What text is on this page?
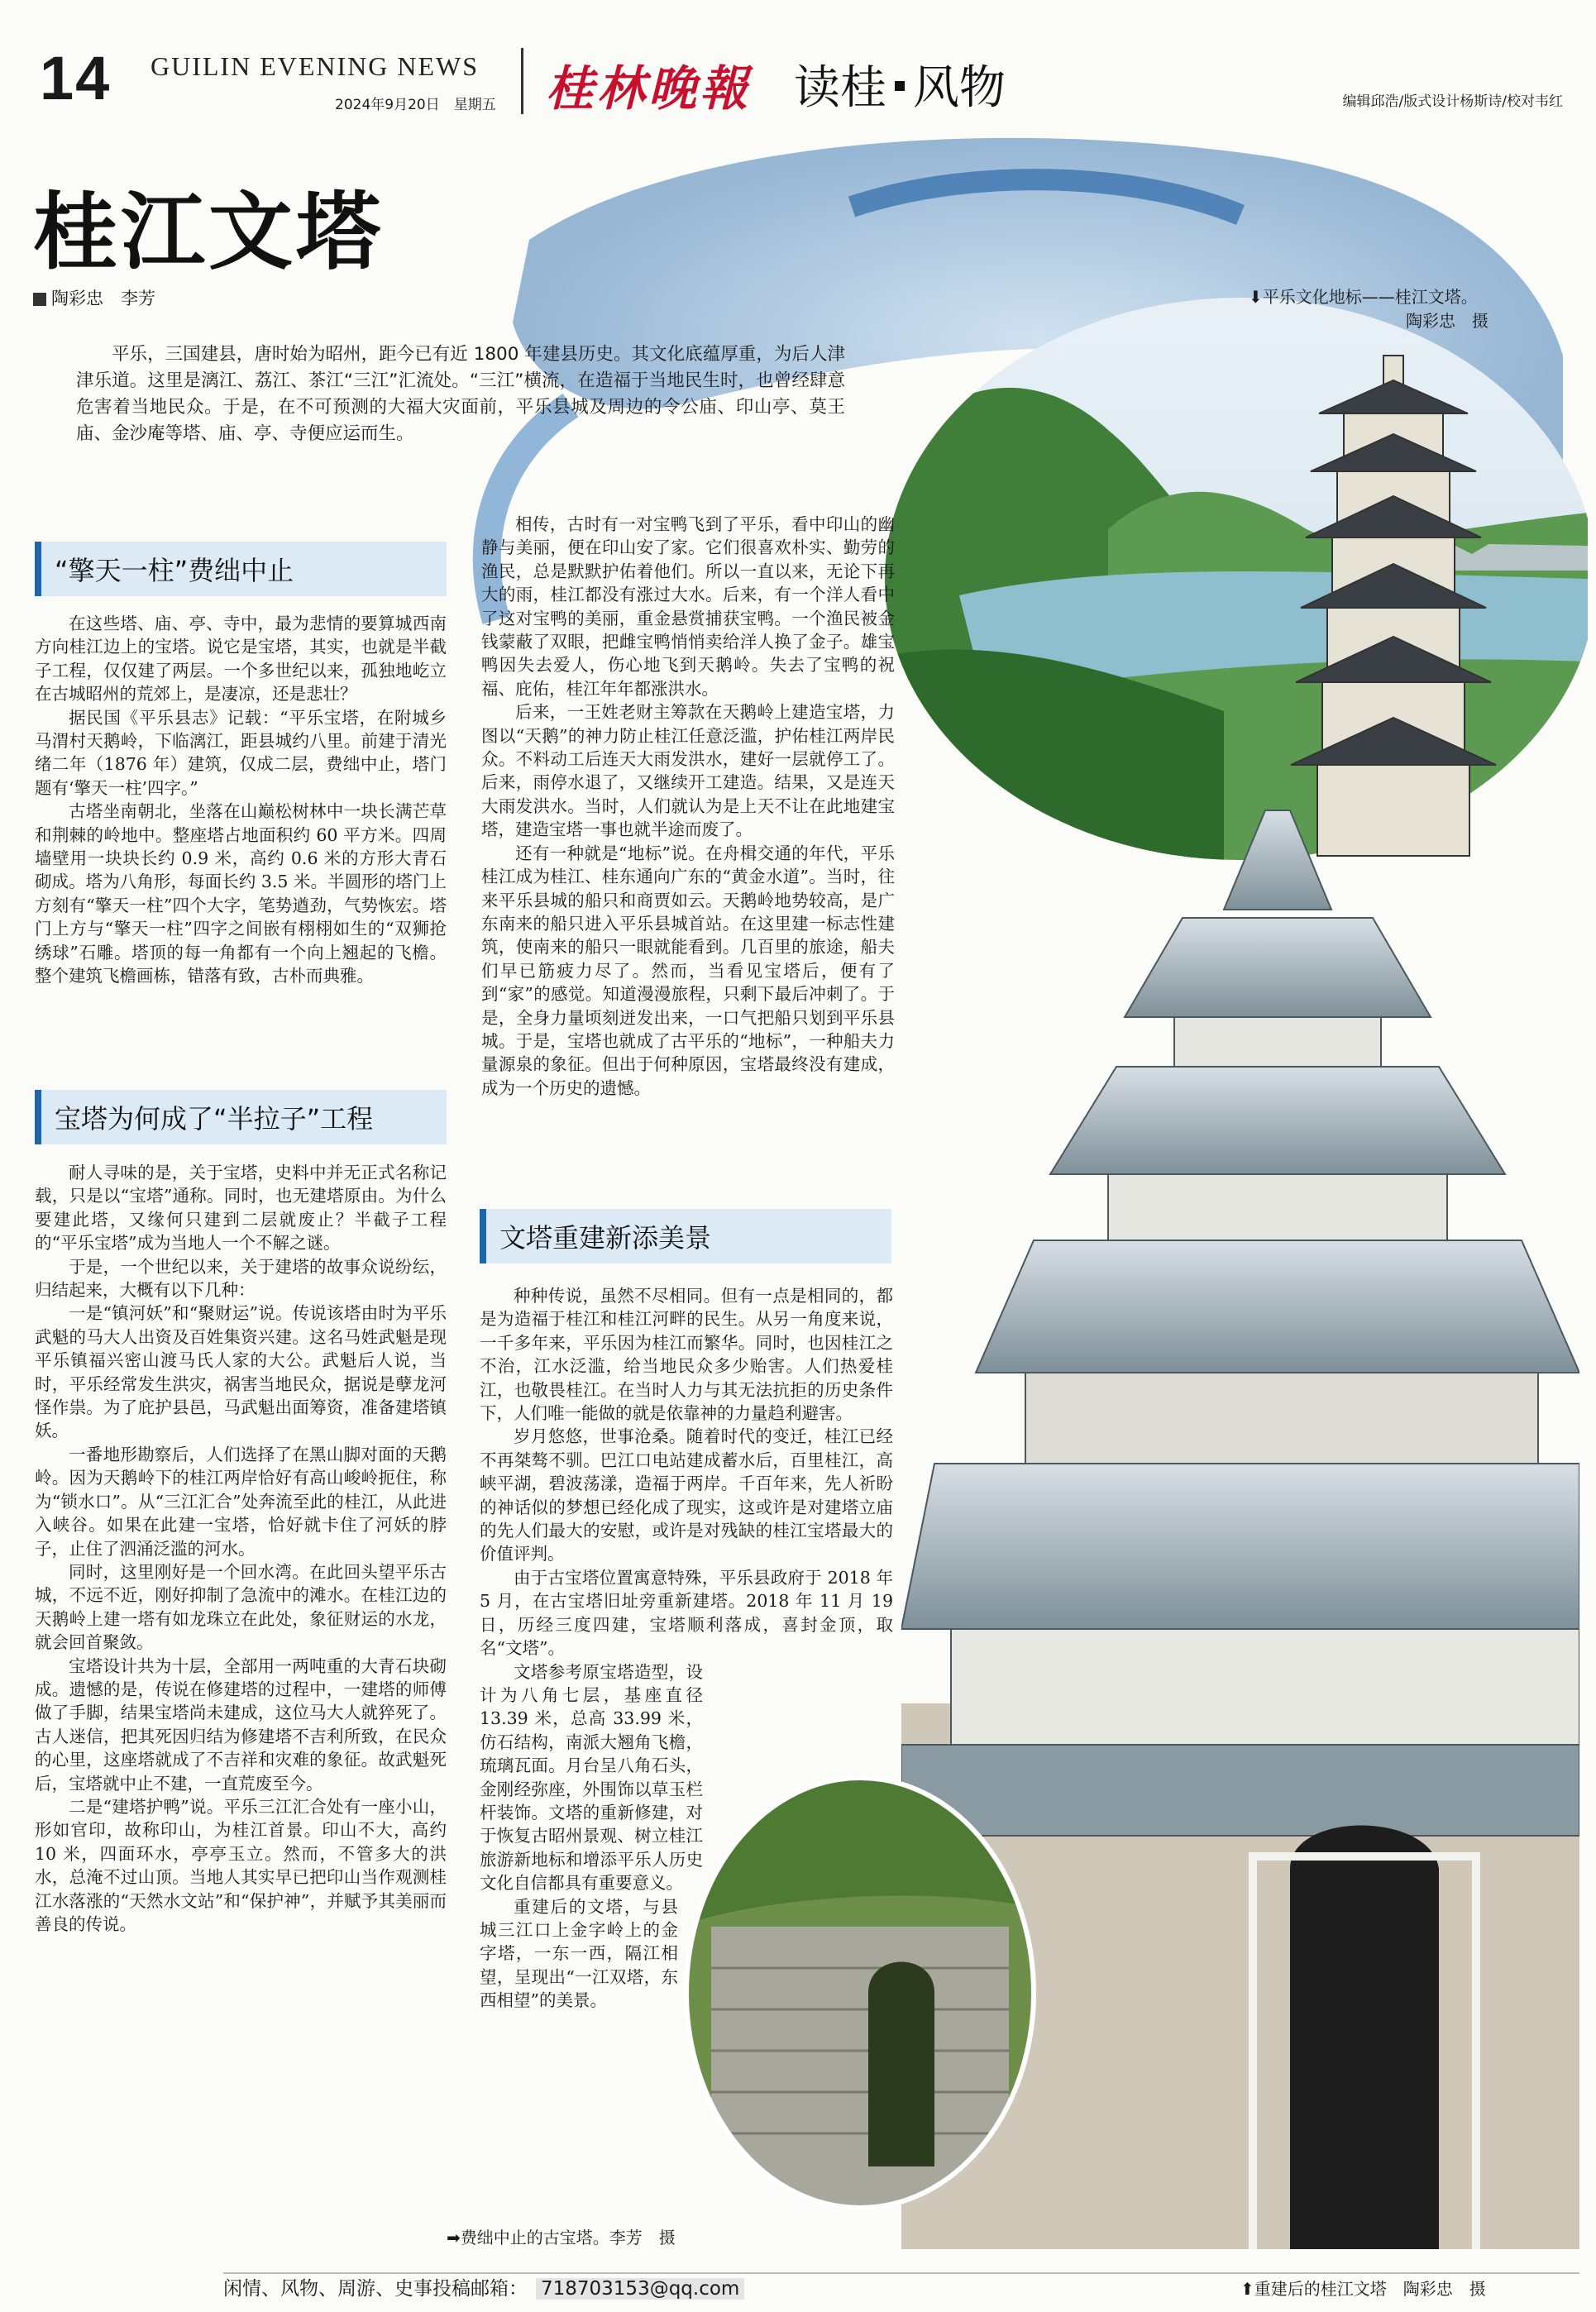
14 GUILIN EVENING NEWS
2024年9月20日　星期五 桂林晚報 读桂 风物	编辑邱浩/版式设计杨斯诗/校对韦红
桂江文塔
陶彩忠　李芳
平乐，三国建县，唐时始为昭州，距今已有近 1800 年建县历史。其文化底蕴厚重，为后人津津乐道。这里是漓江、荔江、茶江“三江”汇流处。“三江”横流，在造福于当地民生时，也曾经肆意危害着当地民众。于是，在不可预测的大福大灾面前，平乐县城及周边的令公庙、印山亭、莫王庙、金沙庵等塔、庙、亭、寺便应运而生。
⬇平乐文化地标——桂江文塔。
陶彩忠　摄
“擎天一柱”费绌中止
宝塔为何成了“半拉子”工程
文塔重建新添美景

在这些塔、庙、亭、寺中，最为悲情的要算城西南方向桂江边上的宝塔。说它是宝塔，其实，也就是半截子工程，仅仅建了两层。一个多世纪以来，孤独地屹立在古城昭州的荒郊上，是凄凉，还是悲壮？

据民国《平乐县志》记载：“平乐宝塔，在附城乡马渭村天鹅岭，下临漓江，距县城约八里。前建于清光绪二年（1876 年）建筑，仅成二层，费绌中止，塔门题有‘擎天一柱’四字。”

古塔坐南朝北，坐落在山巅松树林中一块长满芒草和荆棘的岭地中。整座塔占地面积约 60 平方米。四周墙壁用一块块长约 0.9 米，高约 0.6 米的方形大青石砌成。塔为八角形，每面长约 3.5 米。半圆形的塔门上方刻有“擎天一柱”四个大字，笔势遒劲，气势恢宏。塔门上方与“擎天一柱”四字之间嵌有栩栩如生的“双狮抢绣球”石雕。塔顶的每一角都有一个向上翘起的飞檐。整个建筑飞檐画栋，错落有致，古朴而典雅。

耐人寻味的是，关于宝塔，史料中并无正式名称记载，只是以“宝塔”通称。同时，也无建塔原由。为什么要建此塔，又缘何只建到二层就废止？半截子工程的“平乐宝塔”成为当地人一个不解之谜。

于是，一个世纪以来，关于建塔的故事众说纷纭，归结起来，大概有以下几种：

一是“镇河妖”和“聚财运”说。传说该塔由时为平乐武魁的马大人出资及百姓集资兴建。这名马姓武魁是现平乐镇福兴密山渡马氏人家的大公。武魁后人说，当时，平乐经常发生洪灾，祸害当地民众，据说是孽龙河怪作祟。为了庇护县邑，马武魁出面筹资，准备建塔镇妖。

一番地形勘察后，人们选择了在黑山脚对面的天鹅岭。因为天鹅岭下的桂江两岸恰好有高山峻岭扼住，称为“锁水口”。从“三江汇合”处奔流至此的桂江，从此进入峡谷。如果在此建一宝塔，恰好就卡住了河妖的脖子，止住了泗涌泛滥的河水。

同时，这里刚好是一个回水湾。在此回头望平乐古城，不远不近，刚好抑制了急流中的滩水。在桂江边的天鹅岭上建一塔有如龙珠立在此处，象征财运的水龙，就会回首聚敛。

宝塔设计共为十层，全部用一两吨重的大青石块砌成。遗憾的是，传说在修建塔的过程中，一建塔的师傅做了手脚，结果宝塔尚未建成，这位马大人就猝死了。古人迷信，把其死因归结为修建塔不吉利所致，在民众的心里，这座塔就成了不吉祥和灾难的象征。故武魁死后，宝塔就中止不建，一直荒废至今。

二是“建塔护鸭”说。平乐三江汇合处有一座小山，形如官印，故称印山，为桂江首景。印山不大，高约 10 米，四面环水，亭亭玉立。然而，不管多大的洪水，总淹不过山顶。当地人其实早已把印山当作观测桂江水落涨的“天然水文站”和“保护神”，并赋予其美丽而善良的传说。

相传，古时有一对宝鸭飞到了平乐，看中印山的幽静与美丽，便在印山安了家。它们很喜欢朴实、勤劳的渔民，总是默默护佑着他们。所以一直以来，无论下再大的雨，桂江都没有涨过大水。后来，有一个洋人看中了这对宝鸭的美丽，重金悬赏捕获宝鸭。一个渔民被金钱蒙蔽了双眼，把雌宝鸭悄悄卖给洋人换了金子。雄宝鸭因失去爱人，伤心地飞到天鹅岭。失去了宝鸭的祝福、庇佑，桂江年年都涨洪水。

后来，一王姓老财主筹款在天鹅岭上建造宝塔，力图以“天鹅”的神力防止桂江任意泛滥，护佑桂江两岸民众。不料动工后连天大雨发洪水，建好一层就停工了。后来，雨停水退了，又继续开工建造。结果，又是连天大雨发洪水。当时，人们就认为是上天不让在此地建宝塔，建造宝塔一事也就半途而废了。

还有一种就是“地标”说。在舟楫交通的年代，平乐桂江成为桂江、桂东通向广东的“黄金水道”。当时，往来平乐县城的船只和商贾如云。天鹅岭地势较高，是广东南来的船只进入平乐县城首站。在这里建一标志性建筑，使南来的船只一眼就能看到。几百里的旅途，船夫们早已筋疲力尽了。然而，当看见宝塔后，便有了到“家”的感觉。知道漫漫旅程，只剩下最后冲刺了。于是，全身力量顷刻迸发出来，一口气把船只划到平乐县城。于是，宝塔也就成了古平乐的“地标”，一种船夫力量源泉的象征。但出于何种原因，宝塔最终没有建成，成为一个历史的遗憾。

种种传说，虽然不尽相同。但有一点是相同的，都是为造福于桂江和桂江河畔的民生。从另一角度来说，一千多年来，平乐因为桂江而繁华。同时，也因桂江之不治，江水泛滥，给当地民众多少贻害。人们热爱桂江，也敬畏桂江。在当时人力与其无法抗拒的历史条件下，人们唯一能做的就是依靠神的力量趋利避害。

岁月悠悠，世事沧桑。随着时代的变迁，桂江已经不再桀骜不驯。巴江口电站建成蓄水后，百里桂江，高峡平湖，碧波荡漾，造福于两岸。千百年来，先人祈盼的神话似的梦想已经化成了现实，这或许是对建塔立庙的先人们最大的安慰，或许是对残缺的桂江宝塔最大的价值评判。

由于古宝塔位置寓意特殊，平乐县政府于 2018 年 5 月，在古宝塔旧址旁重新建塔。2018 年 11 月 19 日，历经三度四建，宝塔顺利落成，喜封金顶，取名“文塔”。

文塔参考原宝塔造型，设计为八角七层，基座直径 13.39 米，总高 33.99 米，仿石结构，南派大翘角飞檐，琉璃瓦面。月台呈八角石头，金刚经弥座，外围饰以草玉栏杆装饰。文塔的重新修建，对于恢复古昭州景观、树立桂江旅游新地标和增添平乐人历史文化自信都具有重要意义。

重建后的文塔，与县城三江口上金字岭上的金字塔，一东一西，隔江相望，呈现出“一江双塔，东西相望”的美景。

➡费绌中止的古宝塔。李芳　摄
⬆重建后的桂江文塔　陶彩忠　摄
闲情、风物、周游、史事投稿邮箱： 718703153@qq.com
